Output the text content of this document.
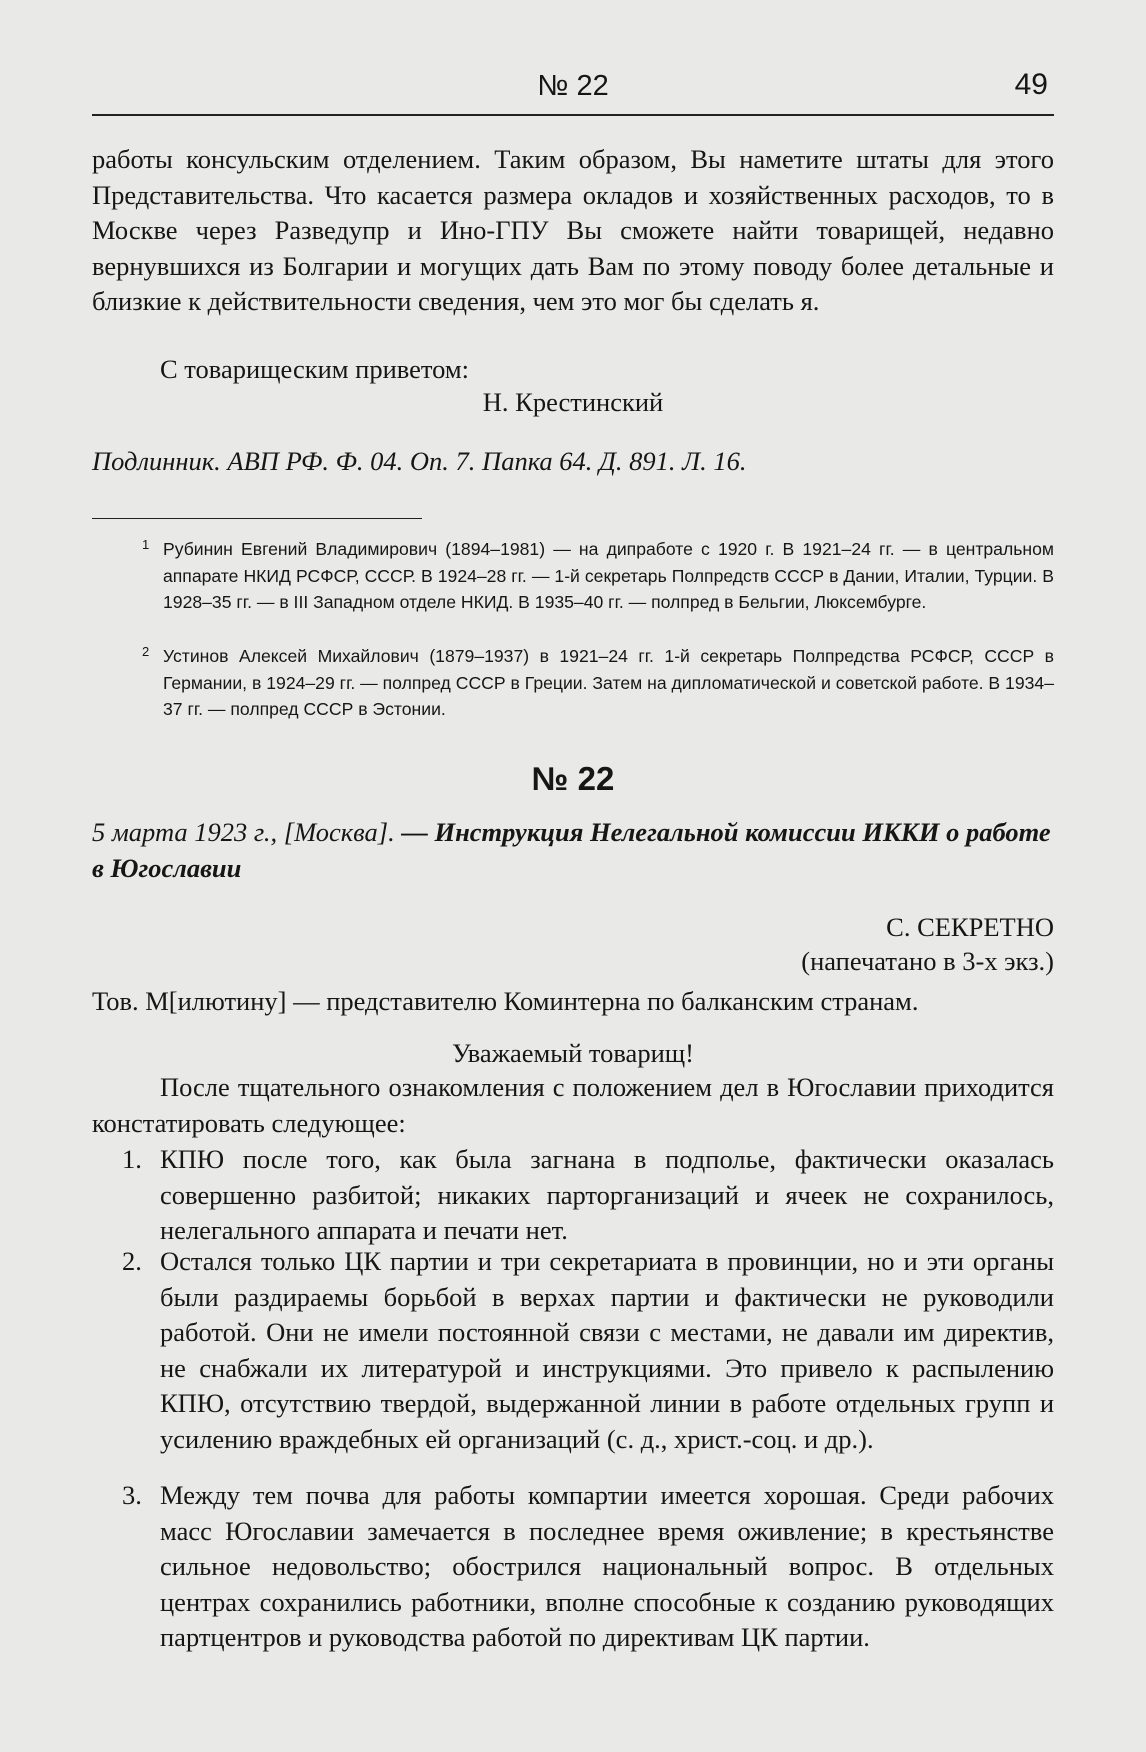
№ 22	49

работы консульским отделением. Таким образом, Вы наметите штаты для этого Представительства. Что касается размера окладов и хозяйственных расходов, то в Москве через Разведупр и Ино-ГПУ Вы сможете найти товарищей, недавно вернувшихся из Болгарии и могущих дать Вам по этому поводу более детальные и близкие к действительности сведения, чем это мог бы сделать я.

С товарищеским приветом:

Н. Крестинский

Подлинник. АВП РФ. Ф. 04. Оп. 7. Папка 64. Д. 891. Л. 16.

1 Рубинин Евгений Владимирович (1894–1981) — на дипработе с 1920 г. В 1921–24 гг. — в центральном аппарате НКИД РСФСР, СССР. В 1924–28 гг. — 1-й секретарь Полпредств СССР в Дании, Италии, Турции. В 1928–35 гг. — в III Западном отделе НКИД. В 1935–40 гг. — полпред в Бельгии, Люксембурге.

2 Устинов Алексей Михайлович (1879–1937) в 1921–24 гг. 1-й секретарь Полпредства РСФСР, СССР в Германии, в 1924–29 гг. — полпред СССР в Греции. Затем на дипломатической и советской работе. В 1934–37 гг. — полпред СССР в Эстонии.

№ 22

5 марта 1923 г., [Москва]. — Инструкция Нелегальной комиссии ИККИ о работе в Югославии

С. СЕКРЕТНО

(напечатано в 3-х экз.)

Тов. М[илютину] — представителю Коминтерна по балканским странам.

Уважаемый товарищ!

После тщательного ознакомления с положением дел в Югославии приходится констатировать следующее:

1. КПЮ после того, как была загнана в подполье, фактически оказалась совершенно разбитой; никаких парторганизаций и ячеек не сохранилось, нелегального аппарата и печати нет.

2. Остался только ЦК партии и три секретариата в провинции, но и эти органы были раздираемы борьбой в верхах партии и фактически не руководили работой. Они не имели постоянной связи с местами, не давали им директив, не снабжали их литературой и инструкциями. Это привело к распылению КПЮ, отсутствию твердой, выдержанной линии в работе отдельных групп и усилению враждебных ей организаций (с. д., христ.-соц. и др.).

3. Между тем почва для работы компартии имеется хорошая. Среди рабочих масс Югославии замечается в последнее время оживление; в крестьянстве сильное недовольство; обострился национальный вопрос. В отдельных центрах сохранились работники, вполне способные к созданию руководящих партцентров и руководства работой по директивам ЦК партии.
